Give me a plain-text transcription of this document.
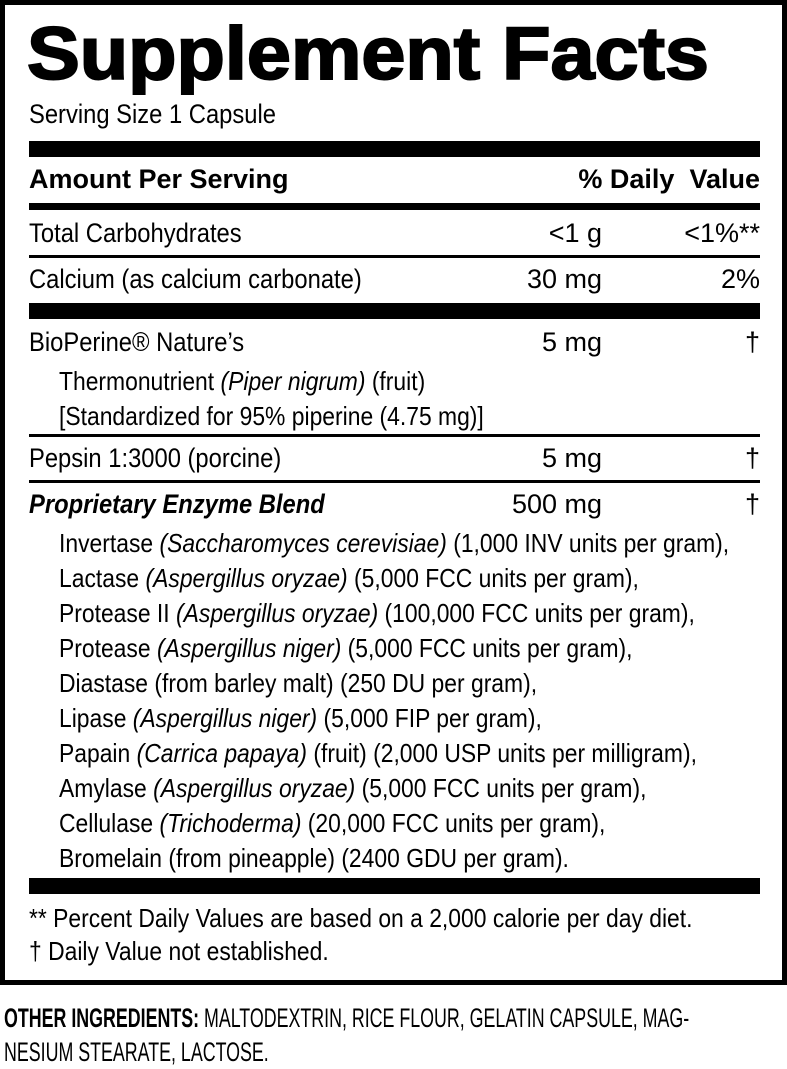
Supplement Facts
Serving Size 1 Capsule
Amount Per Serving	% Daily  Value
Total Carbohydrates	<1 g	<1%**
Calcium (as calcium carbonate)	30 mg	2%
BioPerine® Nature’s	5 mg	†
Thermonutrient (Piper nigrum) (fruit)
[Standardized for 95% piperine (4.75 mg)]
Pepsin 1:3000 (porcine)	5 mg	†
Proprietary Enzyme Blend	500 mg	†
Invertase (Saccharomyces cerevisiae) (1,000 INV units per gram),
Lactase (Aspergillus oryzae) (5,000 FCC units per gram),
Protease II (Aspergillus oryzae) (100,000 FCC units per gram),
Protease (Aspergillus niger) (5,000 FCC units per gram),
Diastase (from barley malt) (250 DU per gram),
Lipase (Aspergillus niger) (5,000 FIP per gram),
Papain (Carrica papaya) (fruit) (2,000 USP units per milligram),
Amylase (Aspergillus oryzae) (5,000 FCC units per gram),
Cellulase (Trichoderma) (20,000 FCC units per gram),
Bromelain (from pineapple) (2400 GDU per gram).
** Percent Daily Values are based on a 2,000 calorie per day diet.
† Daily Value not established.
OTHER INGREDIENTS: MALTODEXTRIN, RICE FLOUR, GELATIN CAPSULE, MAG-
NESIUM STEARATE, LACTOSE.
